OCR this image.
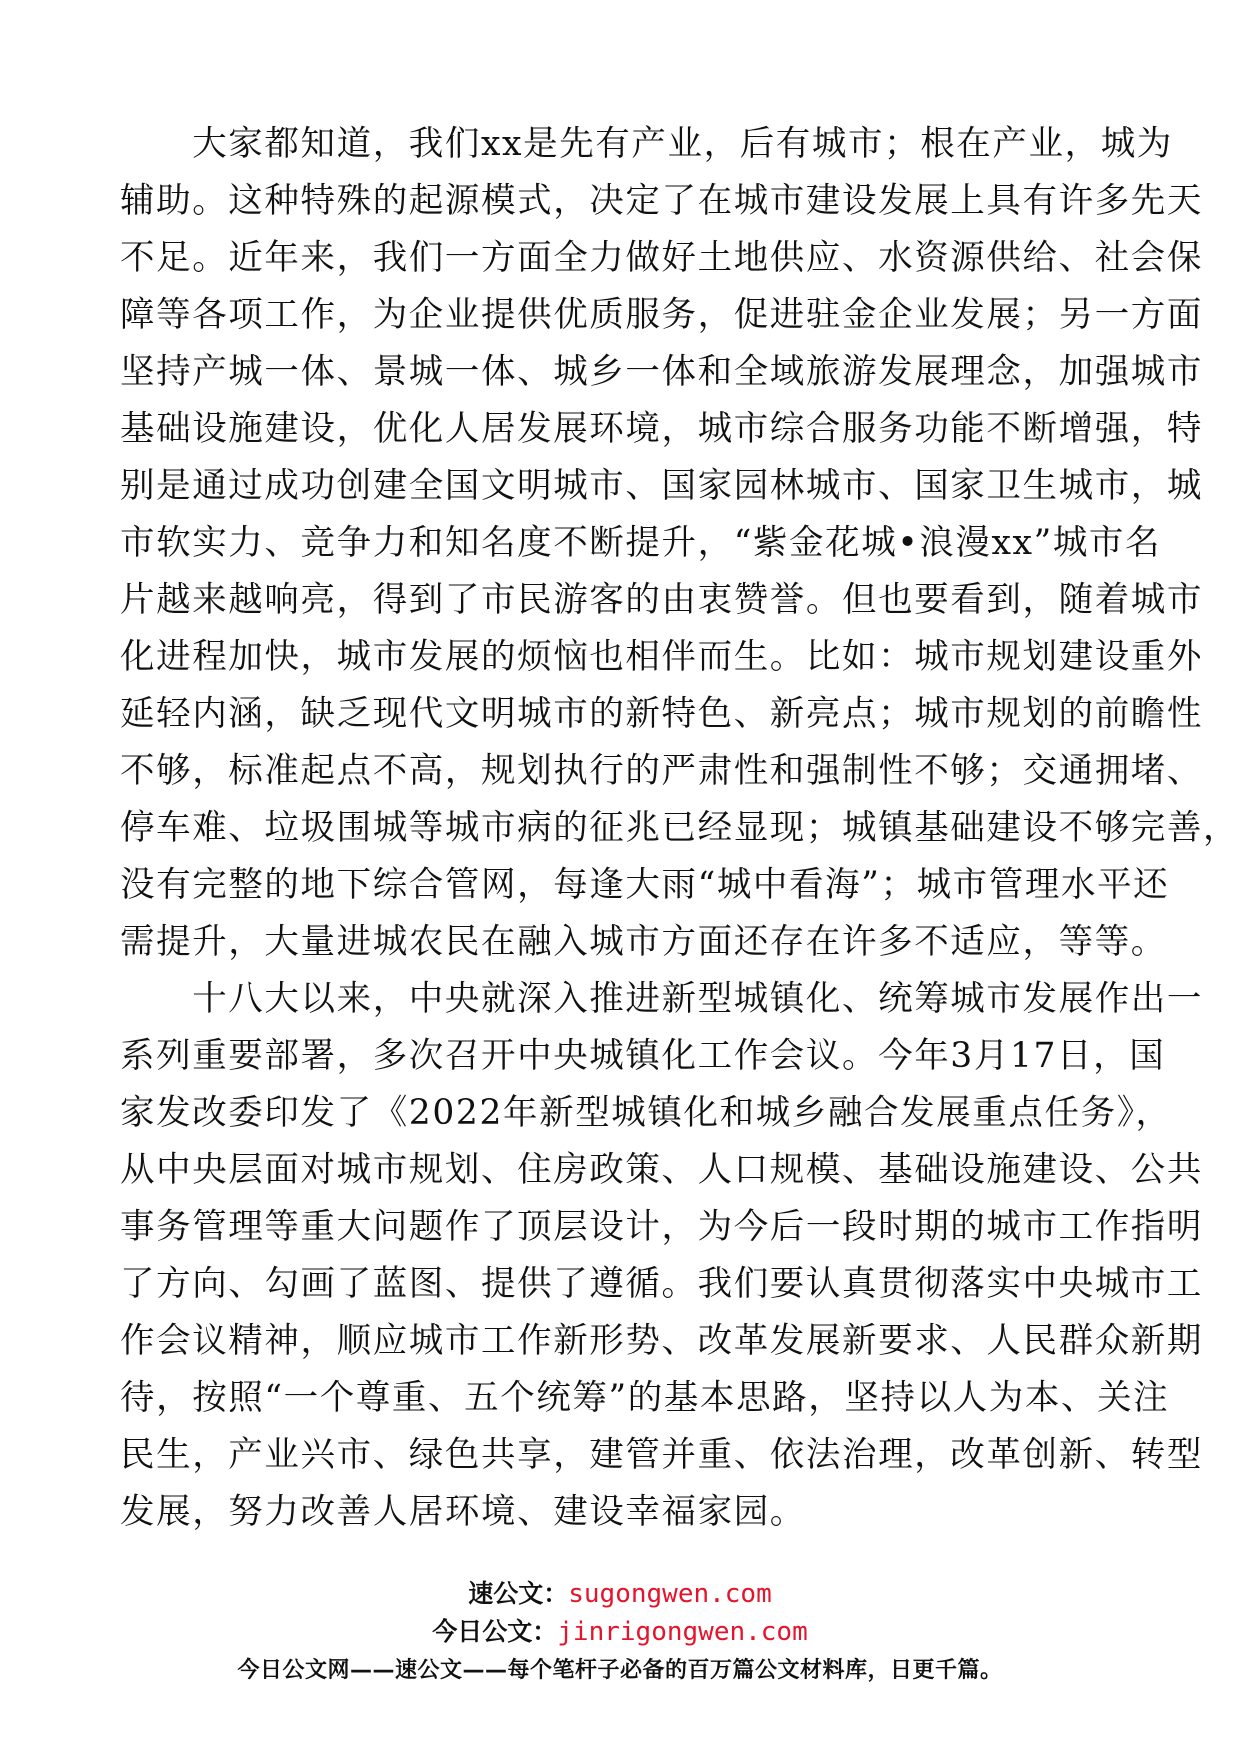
　　大家都知道，我们xx是先有产业，后有城市；根在产业，城为
辅助。这种特殊的起源模式，决定了在城市建设发展上具有许多先天
不足。近年来，我们一方面全力做好土地供应、水资源供给、社会保
障等各项工作，为企业提供优质服务，促进驻金企业发展；另一方面
坚持产城一体、景城一体、城乡一体和全域旅游发展理念，加强城市
基础设施建设，优化人居发展环境，城市综合服务功能不断增强，特
别是通过成功创建全国文明城市、国家园林城市、国家卫生城市，城
市软实力、竞争力和知名度不断提升，“紫金花城•浪漫xx”城市名
片越来越响亮，得到了市民游客的由衷赞誉。但也要看到，随着城市
化进程加快，城市发展的烦恼也相伴而生。比如：城市规划建设重外
延轻内涵，缺乏现代文明城市的新特色、新亮点；城市规划的前瞻性
不够，标准起点不高，规划执行的严肃性和强制性不够；交通拥堵、
停车难、垃圾围城等城市病的征兆已经显现；城镇基础建设不够完善，
没有完整的地下综合管网，每逢大雨“城中看海”；城市管理水平还
需提升，大量进城农民在融入城市方面还存在许多不适应，等等。
　　十八大以来，中央就深入推进新型城镇化、统筹城市发展作出一
系列重要部署，多次召开中央城镇化工作会议。今年3月17日，国
家发改委印发了《2022年新型城镇化和城乡融合发展重点任务》，
从中央层面对城市规划、住房政策、人口规模、基础设施建设、公共
事务管理等重大问题作了顶层设计，为今后一段时期的城市工作指明
了方向、勾画了蓝图、提供了遵循。我们要认真贯彻落实中央城市工
作会议精神，顺应城市工作新形势、改革发展新要求、人民群众新期
待，按照“一个尊重、五个统筹”的基本思路，坚持以人为本、关注
民生，产业兴市、绿色共享，建管并重、依法治理，改革创新、转型
发展，努力改善人居环境、建设幸福家园。
速公文：sugongwen.com
今日公文：jinrigongwen.com
今日公文网——速公文——每个笔杆子必备的百万篇公文材料库，日更千篇。
